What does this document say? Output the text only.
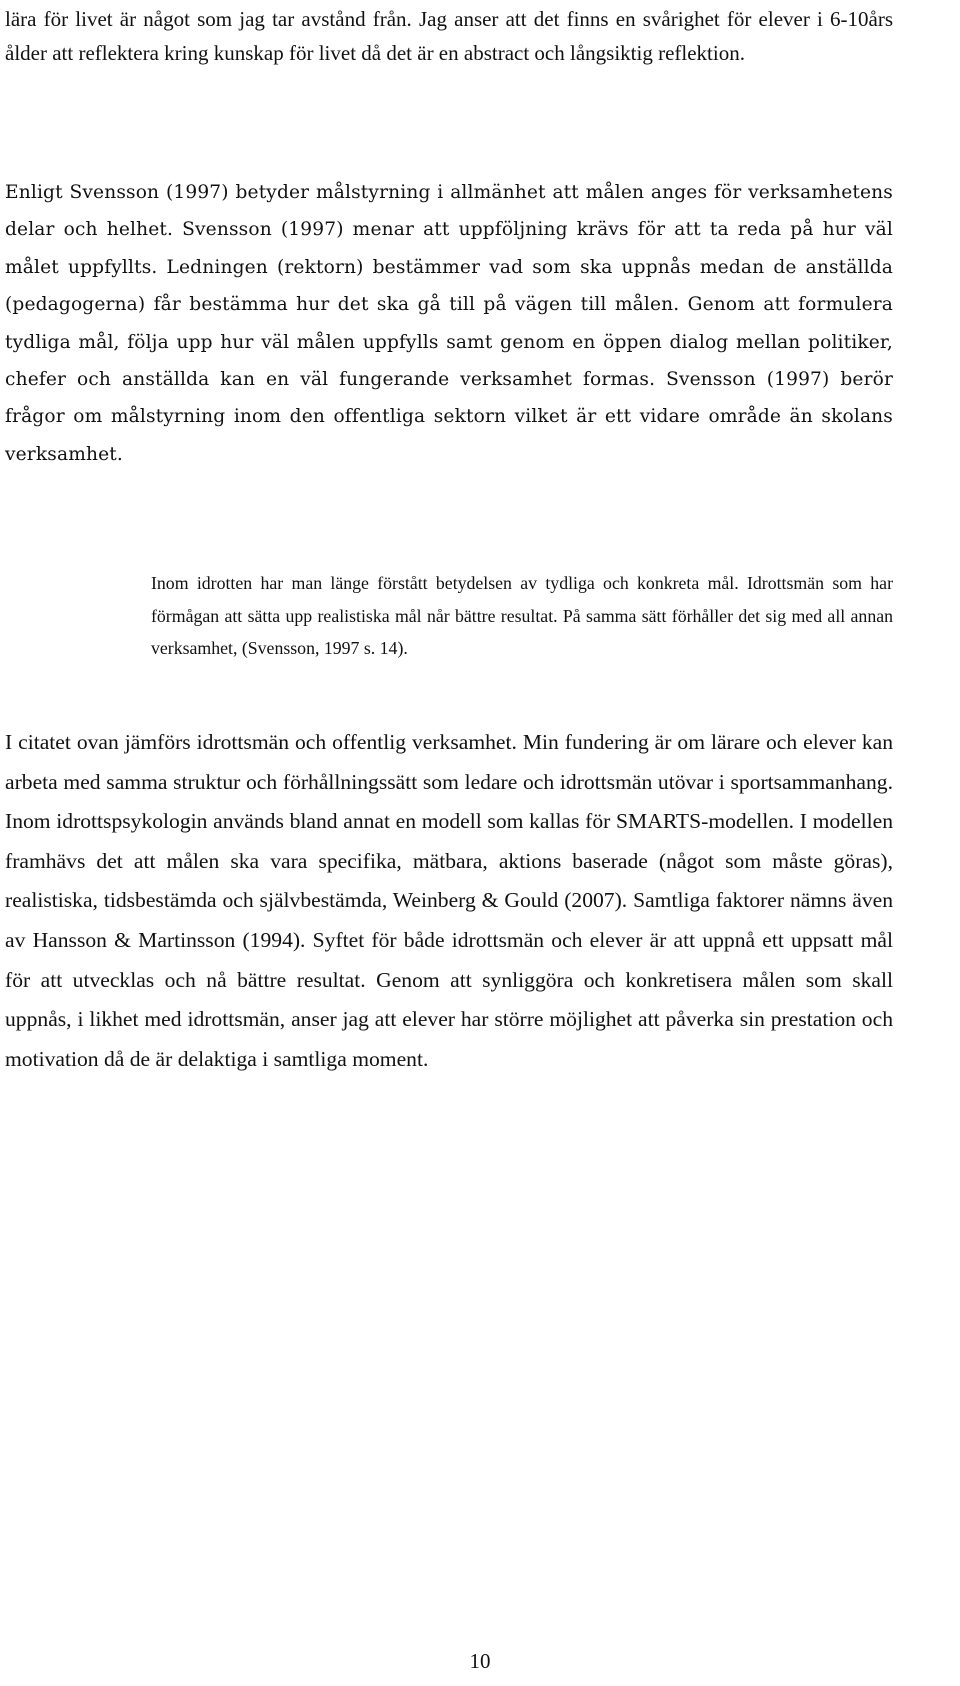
lära för livet är något som jag tar avstånd från. Jag anser att det finns en svårighet för elever i 6-10års ålder att reflektera kring kunskap för livet då det är en abstract och långsiktig reflektion.

Enligt Svensson (1997) betyder målstyrning i allmänhet att målen anges för verksamhetens delar och helhet. Svensson (1997) menar att uppföljning krävs för att ta reda på hur väl målet uppfyllts. Ledningen (rektorn) bestämmer vad som ska uppnås medan de anställda (pedagogerna) får bestämma hur det ska gå till på vägen till målen. Genom att formulera tydliga mål, följa upp hur väl målen uppfylls samt genom en öppen dialog mellan politiker, chefer och anställda kan en väl fungerande verksamhet formas. Svensson (1997) berör frågor om målstyrning inom den offentliga sektorn vilket är ett vidare område än skolans verksamhet.

Inom idrotten har man länge förstått betydelsen av tydliga och konkreta mål. Idrottsmän som har förmågan att sätta upp realistiska mål når bättre resultat. På samma sätt förhåller det sig med all annan verksamhet, (Svensson, 1997 s. 14).

I citatet ovan jämförs idrottsmän och offentlig verksamhet. Min fundering är om lärare och elever kan arbeta med samma struktur och förhållningssätt som ledare och idrottsmän utövar i sportsammanhang. Inom idrottspsykologin används bland annat en modell som kallas för SMARTS-modellen. I modellen framhävs det att målen ska vara specifika, mätbara, aktions baserade (något som måste göras), realistiska, tidsbestämda och självbestämda, Weinberg & Gould (2007). Samtliga faktorer nämns även av Hansson & Martinsson (1994). Syftet för både idrottsmän och elever är att uppnå ett uppsatt mål för att utvecklas och nå bättre resultat. Genom att synliggöra och konkretisera målen som skall uppnås, i likhet med idrottsmän, anser jag att elever har större möjlighet att påverka sin prestation och motivation då de är delaktiga i samtliga moment.

10
